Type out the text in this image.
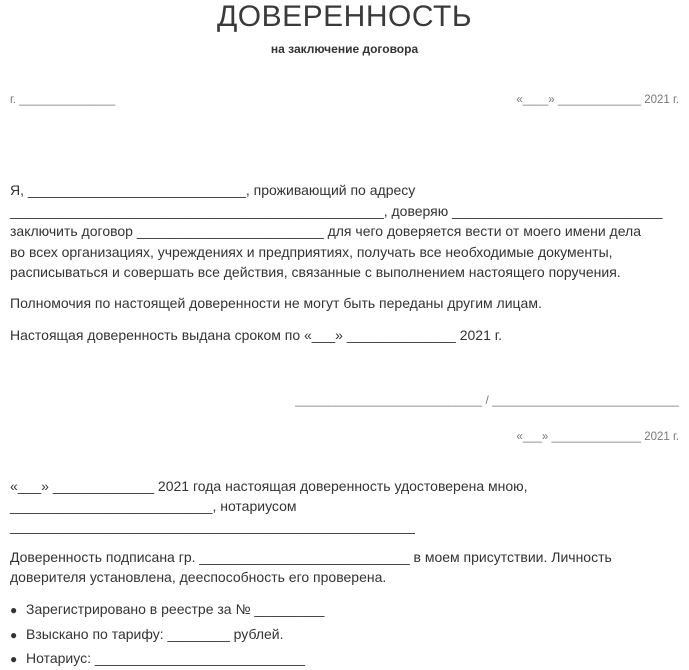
ДОВЕРЕННОСТЬ
на заключение договора
г. _______________	«____» _____________ 2021 г.
Я, ____________________________, проживающий по адресу
________________________________________________, доверяю ___________________________
заключить договор ________________________ для чего доверяется вести от моего имени дела
во всех организациях, учреждениях и предприятиях, получать все необходимые документы,
расписываться и совершать все действия, связанные с выполнением настоящего поручения.
Полномочия по настоящей доверенности не могут быть переданы другим лицам.
Настоящая доверенность выдана сроком по «___» ______________ 2021 г.
____________________________ / ____________________________
«___» ______________ 2021 г.
«___» _____________ 2021 года настоящая доверенность удостоверена мною,
__________________________, нотариусом
____________________________________________________
Доверенность подписана гр. ___________________________ в моем присутствии. Личность
доверителя установлена, дееспособность его проверена.
● Зарегистрировано в реестре за № _________
● Взыскано по тарифу: ________ рублей.
● Нотариус: ___________________________
